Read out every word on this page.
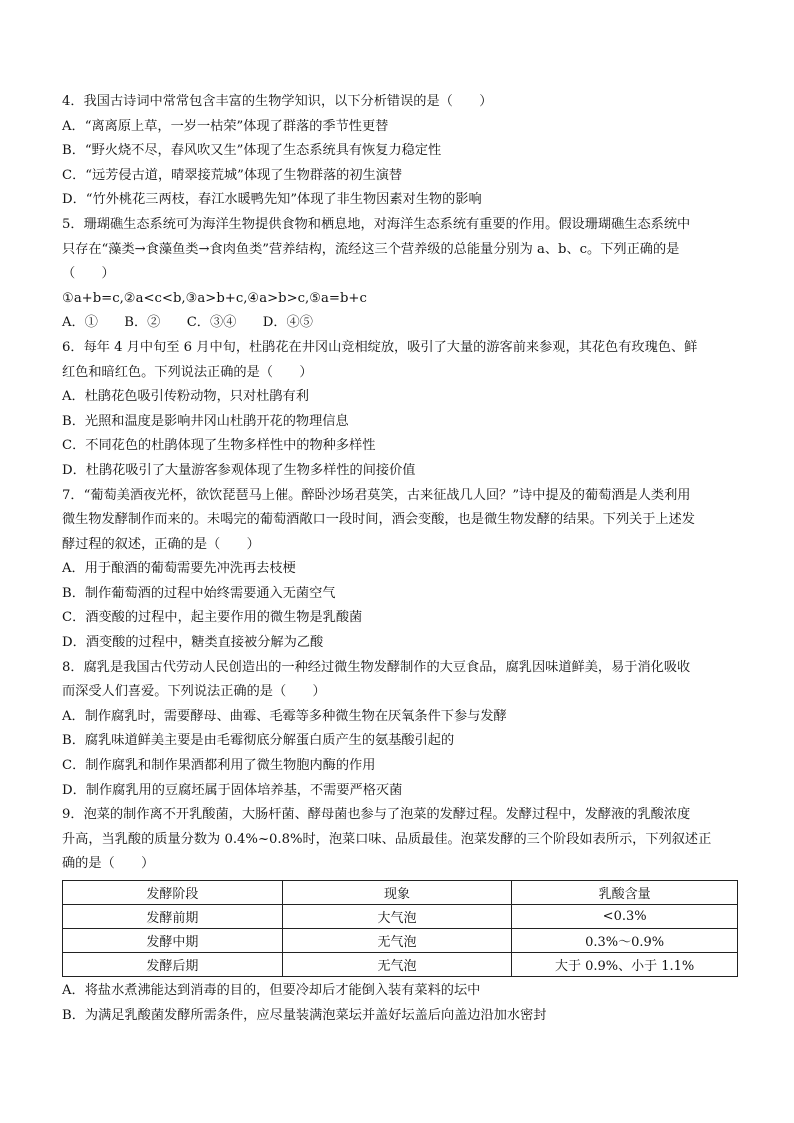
4．我国古诗词中常常包含丰富的生物学知识，以下分析错误的是（　　）
A．“离离原上草，一岁一枯荣”体现了群落的季节性更替
B．“野火烧不尽，春风吹又生”体现了生态系统具有恢复力稳定性
C．“远芳侵古道，晴翠接荒城”体现了生物群落的初生演替
D．“竹外桃花三两枝，春江水暖鸭先知”体现了非生物因素对生物的影响
5．珊瑚礁生态系统可为海洋生物提供食物和栖息地，对海洋生态系统有重要的作用。假设珊瑚礁生态系统中
只存在“藻类→食藻鱼类→食肉鱼类”营养结构，流经这三个营养级的总能量分别为 a、b、c。下列正确的是
（　　）
①a+b=c,②a<c<b,③a>b+c,④a>b>c,⑤a=b+c
A．①　　B．②　　C．③④　　D．④⑤
6．每年 4 月中旬至 6 月中旬，杜鹃花在井冈山竞相绽放，吸引了大量的游客前来参观，其花色有玫瑰色、鲜
红色和暗红色。下列说法正确的是（　　）
A．杜鹃花色吸引传粉动物，只对杜鹃有利
B．光照和温度是影响井冈山杜鹃开花的物理信息
C．不同花色的杜鹃体现了生物多样性中的物种多样性
D．杜鹃花吸引了大量游客参观体现了生物多样性的间接价值
7．“葡萄美酒夜光杯，欲饮琵琶马上催。醉卧沙场君莫笑，古来征战几人回？”诗中提及的葡萄酒是人类利用
微生物发酵制作而来的。未喝完的葡萄酒敞口一段时间，酒会变酸，也是微生物发酵的结果。下列关于上述发
酵过程的叙述，正确的是（　　）
A．用于酿酒的葡萄需要先冲洗再去枝梗
B．制作葡萄酒的过程中始终需要通入无菌空气
C．酒变酸的过程中，起主要作用的微生物是乳酸菌
D．酒变酸的过程中，糖类直接被分解为乙酸
8．腐乳是我国古代劳动人民创造出的一种经过微生物发酵制作的大豆食品，腐乳因味道鲜美，易于消化吸收
而深受人们喜爱。下列说法正确的是（　　）
A．制作腐乳时，需要酵母、曲霉、毛霉等多种微生物在厌氧条件下参与发酵
B．腐乳味道鲜美主要是由毛霉彻底分解蛋白质产生的氨基酸引起的
C．制作腐乳和制作果酒都利用了微生物胞内酶的作用
D．制作腐乳用的豆腐坯属于固体培养基，不需要严格灭菌
9．泡菜的制作离不开乳酸菌，大肠杆菌、酵母菌也参与了泡菜的发酵过程。发酵过程中，发酵液的乳酸浓度
升高，当乳酸的质量分数为 0.4%~0.8%时，泡菜口味、品质最佳。泡菜发酵的三个阶段如表所示，下列叙述正
确的是（　　）
发酵阶段	现象	乳酸含量
发酵前期	大气泡	<0.3%
发酵中期	无气泡	0.3%～0.9%
发酵后期	无气泡	大于 0.9%、小于 1.1%
A．将盐水煮沸能达到消毒的目的，但要冷却后才能倒入装有菜料的坛中
B．为满足乳酸菌发酵所需条件，应尽量装满泡菜坛并盖好坛盖后向盖边沿加水密封
